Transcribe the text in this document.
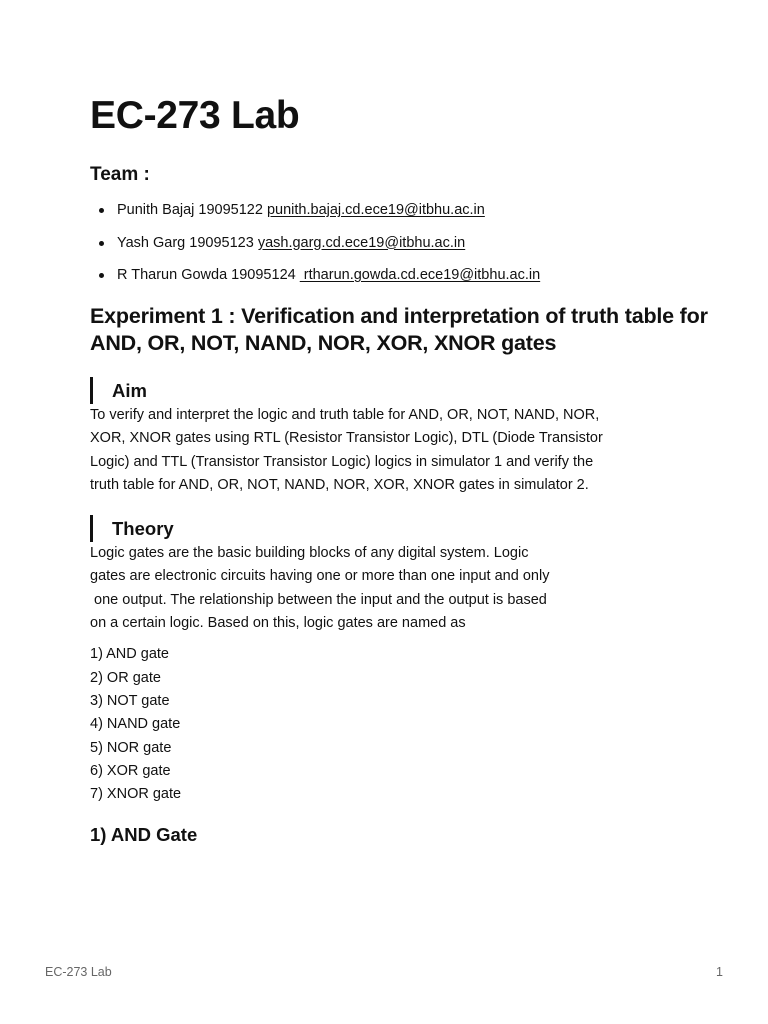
EC-273 Lab
Team :
Punith Bajaj 19095122 punith.bajaj.cd.ece19@itbhu.ac.in
Yash Garg 19095123 yash.garg.cd.ece19@itbhu.ac.in
R Tharun Gowda 19095124  rtharun.gowda.cd.ece19@itbhu.ac.in
Experiment 1 : Verification and interpretation of truth table for AND, OR, NOT, NAND, NOR, XOR, XNOR gates
Aim

To verify and interpret the logic and truth table for AND, OR, NOT, NAND, NOR,
XOR, XNOR gates using RTL (Resistor Transistor Logic), DTL (Diode Transistor
Logic) and TTL (Transistor Transistor Logic) logics in simulator 1 and verify the
truth table for AND, OR, NOT, NAND, NOR, XOR, XNOR gates in simulator 2.

Theory

Logic gates are the basic building blocks of any digital system. Logic
gates are electronic circuits having one or more than one input and only
one output. The relationship between the input and the output is based
on a certain logic. Based on this, logic gates are named as

1) AND gate
2) OR gate
3) NOT gate
4) NAND gate
5) NOR gate
6) XOR gate
7) XNOR gate
1) AND Gate
EC-273 Lab	1
